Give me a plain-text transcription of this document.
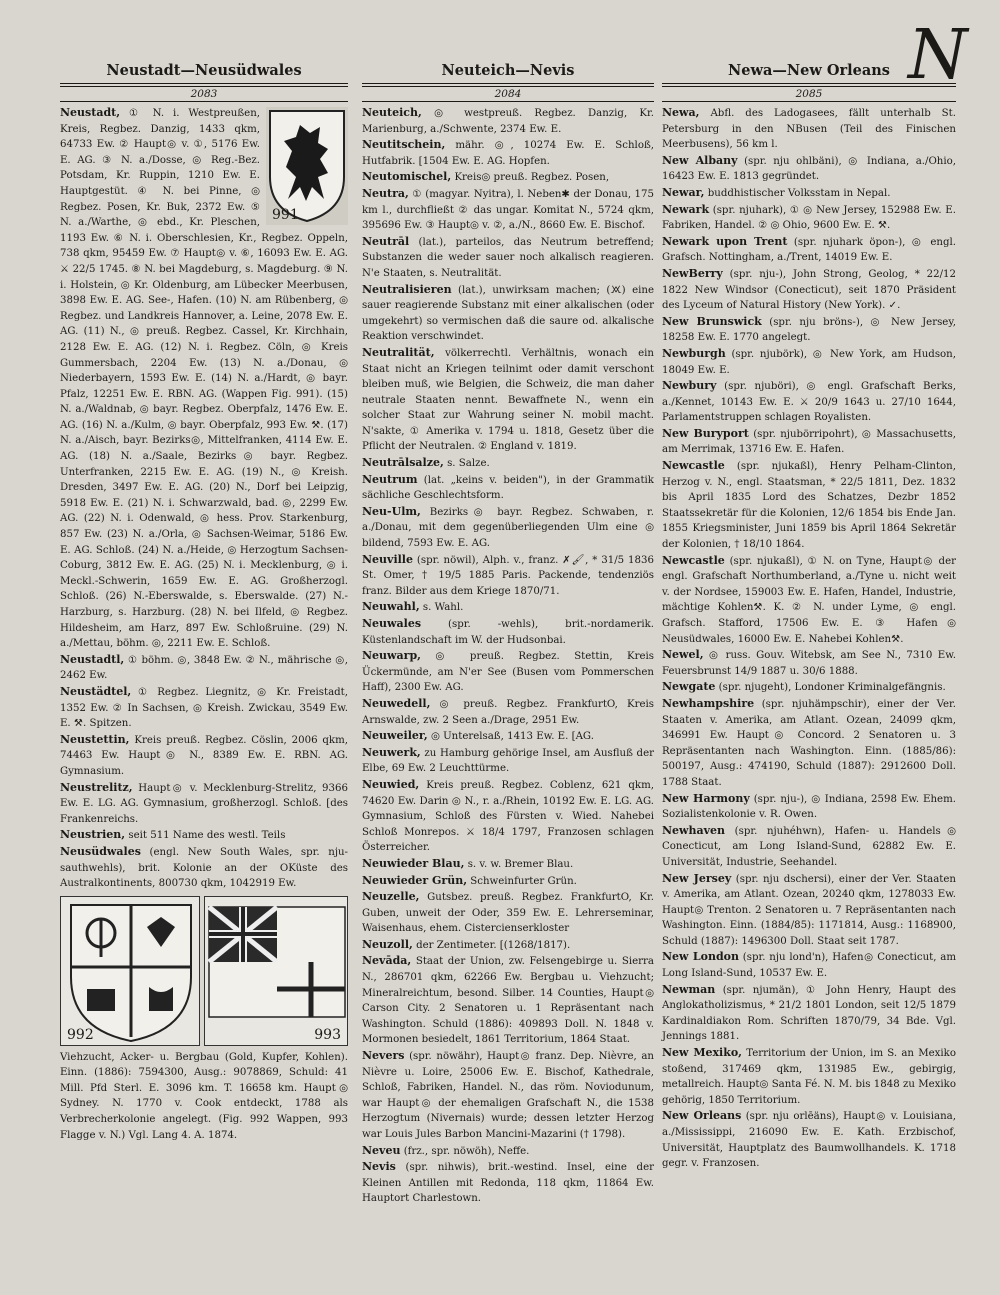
N
Neustadt—Neusüdwales
2083
991

Neustadt, ① N. i. Westpreußen, Kreis, Regbez. Danzig, 1433 qkm, 64733 Ew. ② Haupt◎ v. ①, 5176 Ew. E. AG. ③ N. a./Dosse, ◎ Reg.-Bez. Potsdam, Kr. Ruppin, 1210 Ew. E. Hauptgestüt. ④ N. bei Pinne, ◎ Regbez. Posen, Kr. Buk, 2372 Ew. ⑤ N. a./Warthe, ◎ ebd., Kr. Pleschen, 1193 Ew. ⑥ N. i. Oberschlesien, Kr., Regbez. Oppeln, 738 qkm, 95459 Ew. ⑦ Haupt◎ v. ⑥, 16093 Ew. E. AG. ⚔ 22/5 1745. ⑧ N. bei Magdeburg, s. Magdeburg. ⑨ N. i. Holstein, ◎ Kr. Oldenburg, am Lübecker Meerbusen, 3898 Ew. E. AG. See-, Hafen. (10) N. am Rübenberg, ◎ Regbez. und Landkreis Hannover, a. Leine, 2078 Ew. E. AG. (11) N., ◎ preuß. Regbez. Cassel, Kr. Kirchhain, 2128 Ew. E. AG. (12) N. i. Regbez. Cöln, ◎ Kreis Gummersbach, 2204 Ew. (13) N. a./Donau, ◎ Niederbayern, 1593 Ew. E. (14) N. a./Hardt, ◎ bayr. Pfalz, 12251 Ew. E. RBN. AG. (Wappen Fig. 991). (15) N. a./Waldnab, ◎ bayr. Regbez. Oberpfalz, 1476 Ew. E. AG. (16) N. a./Kulm, ◎ bayr. Oberpfalz, 993 Ew. ⚒. (17) N. a./Aisch, bayr. Bezirks◎, Mittelfranken, 4114 Ew. E. AG. (18) N. a./Saale, Bezirks◎ bayr. Regbez. Unterfranken, 2215 Ew. E. AG. (19) N., ◎ Kreish. Dresden, 3497 Ew. E. AG. (20) N., Dorf bei Leipzig, 5918 Ew. E. (21) N. i. Schwarzwald, bad. ◎, 2299 Ew. AG. (22) N. i. Odenwald, ◎ hess. Prov. Starkenburg, 857 Ew. (23) N. a./Orla, ◎ Sachsen-Weimar, 5186 Ew. E. AG. Schloß. (24) N. a./Heide, ◎ Herzogtum Sachsen-Coburg, 3812 Ew. E. AG. (25) N. i. Mecklenburg, ◎ i. Meckl.-Schwerin, 1659 Ew. E. AG. Großherzogl. Schloß. (26) N.-Eberswalde, s. Eberswalde. (27) N.-Harzburg, s. Harzburg. (28) N. bei Ilfeld, ◎ Regbez. Hildesheim, am Harz, 897 Ew. Schloßruine. (29) N. a./Mettau, böhm. ◎, 2211 Ew. E. Schloß.

Neustadtl, ① böhm. ◎, 3848 Ew. ② N., mährische ◎, 2462 Ew.

Neustädtel, ① Regbez. Liegnitz, ◎ Kr. Freistadt, 1352 Ew. ② In Sachsen, ◎ Kreish. Zwickau, 3549 Ew. E. ⚒. Spitzen.

Neustettin, Kreis preuß. Regbez. Cöslin, 2006 qkm, 74463 Ew. Haupt◎ N., 8389 Ew. E. RBN. AG. Gymnasium.

Neustrelitz, Haupt◎ v. Mecklenburg-Strelitz, 9366 Ew. E. LG. AG. Gymnasium, großherzogl. Schloß. [des Frankenreichs.

Neustrien, seit 511 Name des westl. Teils

Neusüdwales (engl. New South Wales, spr. nju-sauthwehls), brit. Kolonie an der OKüste des Australkontinents, 800730 qkm, 1042919 Ew.

992	993

Viehzucht, Acker- u. Bergbau (Gold, Kupfer, Kohlen). Einn. (1886): 7594300, Ausg.: 9078869, Schuld: 41 Mill. Pfd Sterl. E. 3096 km. T. 16658 km. Haupt◎ Sydney. N. 1770 v. Cook entdeckt, 1788 als Verbrecherkolonie angelegt. (Fig. 992 Wappen, 993 Flagge v. N.) Vgl. Lang 4. A. 1874.

Neuteich—Nevis
2084

Neuteich, ◎ westpreuß. Regbez. Danzig, Kr. Marienburg, a./Schwente, 2374 Ew. E.

Neutitschein, mähr. ◎, 10274 Ew. E. Schloß, Hutfabrik. [1504 Ew. E. AG. Hopfen.

Neutomischel, Kreis◎ preuß. Regbez. Posen,

Neutra, ① (magyar. Nyitra), l. Neben✱ der Donau, 175 km l., durchfließt ② das ungar. Komitat N., 5724 qkm, 395696 Ew. ③ Haupt◎ v. ②, a./N., 8660 Ew. E. Bischof.

Neutrāl (lat.), parteilos, das Neutrum betreffend; Substanzen die weder sauer noch alkalisch reagieren. N'e Staaten, s. Neutralität.

Neutralisieren (lat.), unwirksam machen; (🝪) eine sauer reagierende Substanz mit einer alkalischen (oder umgekehrt) so vermischen daß die saure od. alkalische Reaktion verschwindet.

Neutralität, völkerrechtl. Verhältnis, wonach ein Staat nicht an Kriegen teilnimt oder damit verschont bleiben muß, wie Belgien, die Schweiz, die man daher neutrale Staaten nennt. Bewaffnete N., wenn ein solcher Staat zur Wahrung seiner N. mobil macht. N'sakte, ① Amerika v. 1794 u. 1818, Gesetz über die Pflicht der Neutralen. ② England v. 1819.

Neutrālsalze, s. Salze.

Neutrum (lat. „keins v. beiden"), in der Grammatik sächliche Geschlechtsform.

Neu-Ulm, Bezirks◎ bayr. Regbez. Schwaben, r. a./Donau, mit dem gegenüberliegenden Ulm eine ◎ bildend, 7593 Ew. E. AG.

Neuville (spr. nöwil), Alph. v., franz. ✗🖌, * 31/5 1836 St. Omer, † 19/5 1885 Paris. Packende, tendenziös franz. Bilder aus dem Kriege 1870/71.

Neuwahl, s. Wahl.

Neuwales	(spr. -wehls), brit.-nordamerik. Küstenlandschaft im W. der Hudsonbai.

Neuwarp, ◎ preuß. Regbez. Stettin, Kreis Ückermünde, am N'er See (Busen vom Pommerschen Haff), 2300 Ew. AG.

Neuwedell, ◎ preuß. Regbez. FrankfurtO, Kreis Arnswalde, zw. 2 Seen a./Drage, 2951 Ew.

Neuweiler, ◎ Unterelsaß, 1413 Ew. E. [AG.

Neuwerk, zu Hamburg gehörige Insel, am Ausfluß der Elbe, 69 Ew. 2 Leuchttürme.

Neuwied, Kreis preuß. Regbez. Coblenz, 621 qkm, 74620 Ew. Darin ◎ N., r. a./Rhein, 10192 Ew. E. LG. AG. Gymnasium, Schloß des Fürsten v. Wied. Nahebei Schloß Monrepos. ⚔ 18/4 1797, Franzosen schlagen Österreicher.

Neuwieder Blau, s. v. w. Bremer Blau.

Neuwieder Grün, Schweinfurter Grün.

Neuzelle, Gutsbez. preuß. Regbez. FrankfurtO, Kr. Guben, unweit der Oder, 359 Ew. E. Lehrerseminar, Waisenhaus, ehem. Cistercienserkloster

Neuzoll, der Zentimeter. [(1268/1817).

Nevāda, Staat der Union, zw. Felsengebirge u. Sierra N., 286701 qkm, 62266 Ew. Bergbau u. Viehzucht; Mineralreichtum, besond. Silber. 14 Counties, Haupt◎ Carson City. 2 Senatoren u. 1 Repräsentant nach Washington. Schuld (1886): 409893 Doll. N. 1848 v. Mormonen besiedelt, 1861 Territorium, 1864 Staat.

Nevers (spr. nöwähr), Haupt◎ franz. Dep. Nièvre, an Nièvre u. Loire, 25006 Ew. E. Bischof, Kathedrale, Schloß, Fabriken, Handel. N., das röm. Noviodunum, war Haupt◎ der ehemaligen Grafschaft N., die 1538 Herzogtum (Nivernais) wurde; dessen letzter Herzog war Louis Jules Barbon Mancini-Mazarini († 1798).

Neveu (frz., spr. nöwöh), Neffe.

Nevis (spr. nihwis), brit.-westind. Insel, eine der Kleinen Antillen mit Redonda, 118 qkm, 11864 Ew. Hauptort Charlestown.

Newa—New Orleans
2085

Newa, Abfl. des Ladogasees, fällt unterhalb St. Petersburg in den NBusen (Teil des Finischen Meerbusens), 56 km l.

New Albany (spr. nju ohlbäni), ◎ Indiana, a./Ohio, 16423 Ew. E. 1813 gegründet.

Newar, buddhistischer Volksstam in Nepal.

Newark (spr. njuhark), ① ◎ New Jersey, 152988 Ew. E. Fabriken, Handel. ② ◎ Ohio, 9600 Ew. E. ⚒.

Newark upon Trent (spr. njuhark öpon-), ◎ engl. Grafsch. Nottingham, a./Trent, 14019 Ew. E.

NewBerry (spr. nju-), John Strong, Geolog, * 22/12 1822 New Windsor (Conecticut), seit 1870 Präsident des Lyceum of Natural History (New York). ✓.

New Brunswick (spr. nju bröns-), ◎ New Jersey, 18258 Ew. E. 1770 angelegt.

Newburgh (spr. njubörk), ◎ New York, am Hudson, 18049 Ew. E.

Newbury (spr. njuböri), ◎ engl. Grafschaft Berks, a./Kennet, 10143 Ew. E. ⚔ 20/9 1643 u. 27/10 1644, Parlamentstruppen schlagen Royalisten.

New Buryport (spr. njubörripohrt), ◎ Massachusetts, am Merrimak, 13716 Ew. E. Hafen.

Newcastle (spr. njukaßl), Henry Pelham-Clinton, Herzog v. N., engl. Staatsman, * 22/5 1811, Dez. 1832 bis April 1835 Lord des Schatzes, Dezbr 1852 Staatssekretär für die Kolonien, 12/6 1854 bis Ende Jan. 1855 Kriegsminister, Juni 1859 bis April 1864 Sekretär der Kolonien, † 18/10 1864.

Newcastle (spr. njukaßl), ① N. on Tyne, Haupt◎ der engl. Grafschaft Northumberland, a./Tyne u. nicht weit v. der Nordsee, 159003 Ew. E. Hafen, Handel, Industrie, mächtige Kohlen⚒. K. ② N. under Lyme, ◎ engl. Grafsch. Stafford, 17506 Ew. E. ③ Hafen◎ Neusüdwales, 16000 Ew. E. Nahebei Kohlen⚒.

Newel, ◎ russ. Gouv. Witebsk, am See N., 7310 Ew. Feuersbrunst 14/9 1887 u. 30/6 1888.

Newgate (spr. njugeht), Londoner Kriminalgefängnis.

Newhampshire (spr. njuhämpschir), einer der Ver. Staaten v. Amerika, am Atlant. Ozean, 24099 qkm, 346991 Ew. Haupt◎ Concord. 2 Senatoren u. 3 Repräsentanten nach Washington. Einn. (1885/86): 500197, Ausg.: 474190, Schuld (1887): 2912600 Doll. 1788 Staat.

New Harmony (spr. nju-), ◎ Indiana, 2598 Ew. Ehem. Sozialistenkolonie v. R. Owen.

Newhaven (spr. njuhéhwn), Hafen- u. Handels◎ Conecticut, am Long Island-Sund, 62882 Ew. E. Universität, Industrie, Seehandel.

New Jersey (spr. nju dschersi), einer der Ver. Staaten v. Amerika, am Atlant. Ozean, 20240 qkm, 1278033 Ew. Haupt◎ Trenton. 2 Senatoren u. 7 Repräsentanten nach Washington. Einn. (1884/85): 1171814, Ausg.: 1168900, Schuld (1887): 1496300 Doll. Staat seit 1787.

New London (spr. nju lond'n), Hafen◎ Conecticut, am Long Island-Sund, 10537 Ew. E.

Newman (spr. njumän), ① John Henry, Haupt des Anglokatholizismus, * 21/2 1801 London, seit 12/5 1879 Kardinaldiakon Rom. Schriften 1870/79, 34 Bde. Vgl. Jennings 1881.

New Mexiko, Territorium der Union, im S. an Mexiko stoßend, 317469 qkm, 131985 Ew., gebirgig, metallreich. Haupt◎ Santa Fé. N. M. bis 1848 zu Mexiko gehörig, 1850 Territorium.

New Orleans (spr. nju orlēäns), Haupt◎ v. Louisiana, a./Mississippi, 216090 Ew. E. Kath. Erzbischof, Universität, Hauptplatz des Baumwollhandels. K. 1718 gegr. v. Franzosen.
